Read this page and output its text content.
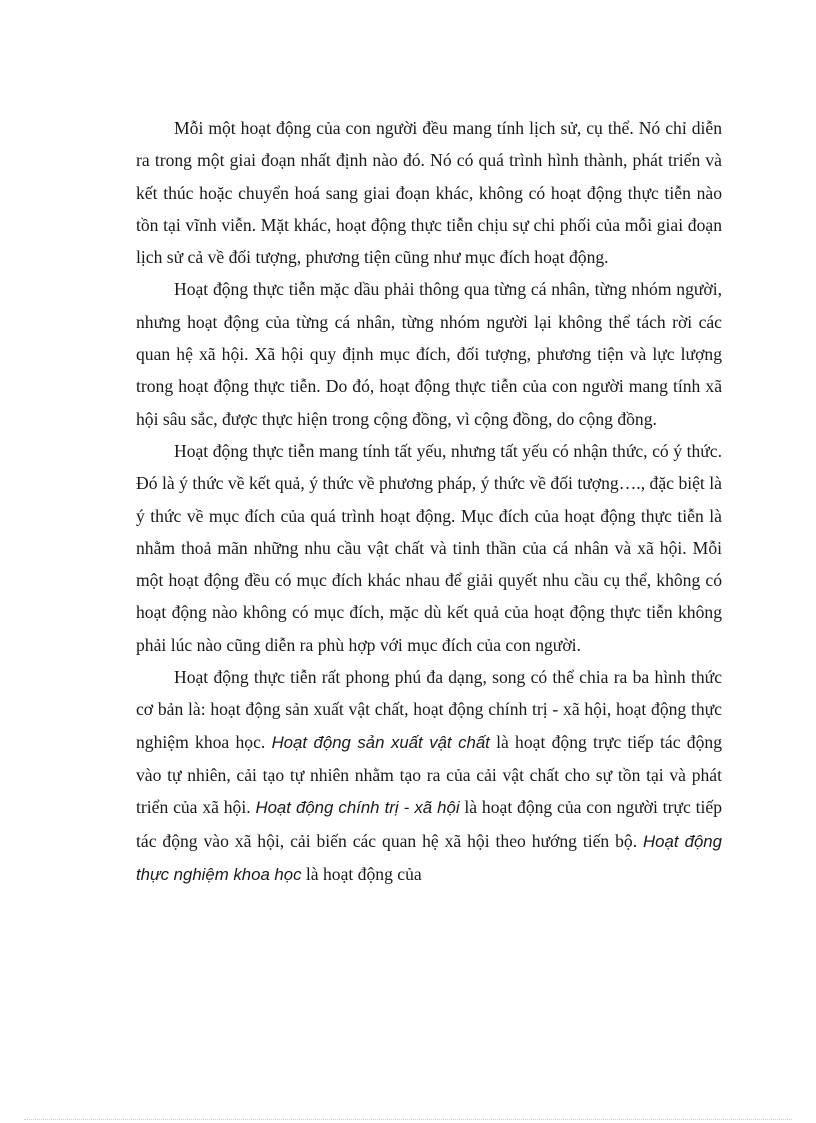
Mỗi một hoạt động của con người đều mang tính lịch sử, cụ thể. Nó chỉ diễn ra trong một giai đoạn nhất định nào đó. Nó có quá trình hình thành, phát triển và kết thúc hoặc chuyển hoá sang giai đoạn khác, không có hoạt động thực tiễn nào tồn tại vĩnh viễn. Mặt khác, hoạt động thực tiễn chịu sự chi phối của mỗi giai đoạn lịch sử cả về đối tượng, phương tiện cũng như mục đích hoạt động.

Hoạt động thực tiễn mặc dầu phải thông qua từng cá nhân, từng nhóm người, nhưng hoạt động của từng cá nhân, từng nhóm người lại không thể tách rời các quan hệ xã hội. Xã hội quy định mục đích, đối tượng, phương tiện và lực lượng trong hoạt động thực tiễn. Do đó, hoạt động thực tiễn của con người mang tính xã hội sâu sắc, được thực hiện trong cộng đồng, vì cộng đồng, do cộng đồng.

Hoạt động thực tiễn mang tính tất yếu, nhưng tất yếu có nhận thức, có ý thức. Đó là ý thức về kết quả, ý thức về phương pháp, ý thức về đối tượng…., đặc biệt là ý thức về mục đích của quá trình hoạt động. Mục đích của hoạt động thực tiễn là nhằm thoả mãn những nhu cầu vật chất và tinh thần của cá nhân và xã hội. Mỗi một hoạt động đều có mục đích khác nhau để giải quyết nhu cầu cụ thể, không có hoạt động nào không có mục đích, mặc dù kết quả của hoạt động thực tiễn không phải lúc nào cũng diễn ra phù hợp với mục đích của con người.

Hoạt động thực tiễn rất phong phú đa dạng, song có thể chia ra ba hình thức cơ bản là: hoạt động sản xuất vật chất, hoạt động chính trị - xã hội, hoạt động thực nghiệm khoa học. Hoạt động sản xuất vật chất là hoạt động trực tiếp tác động vào tự nhiên, cải tạo tự nhiên nhằm tạo ra của cải vật chất cho sự tồn tại và phát triển của xã hội. Hoạt động chính trị - xã hội là hoạt động của con người trực tiếp tác động vào xã hội, cải biến các quan hệ xã hội theo hướng tiến bộ. Hoạt động thực nghiệm khoa học là hoạt động của
